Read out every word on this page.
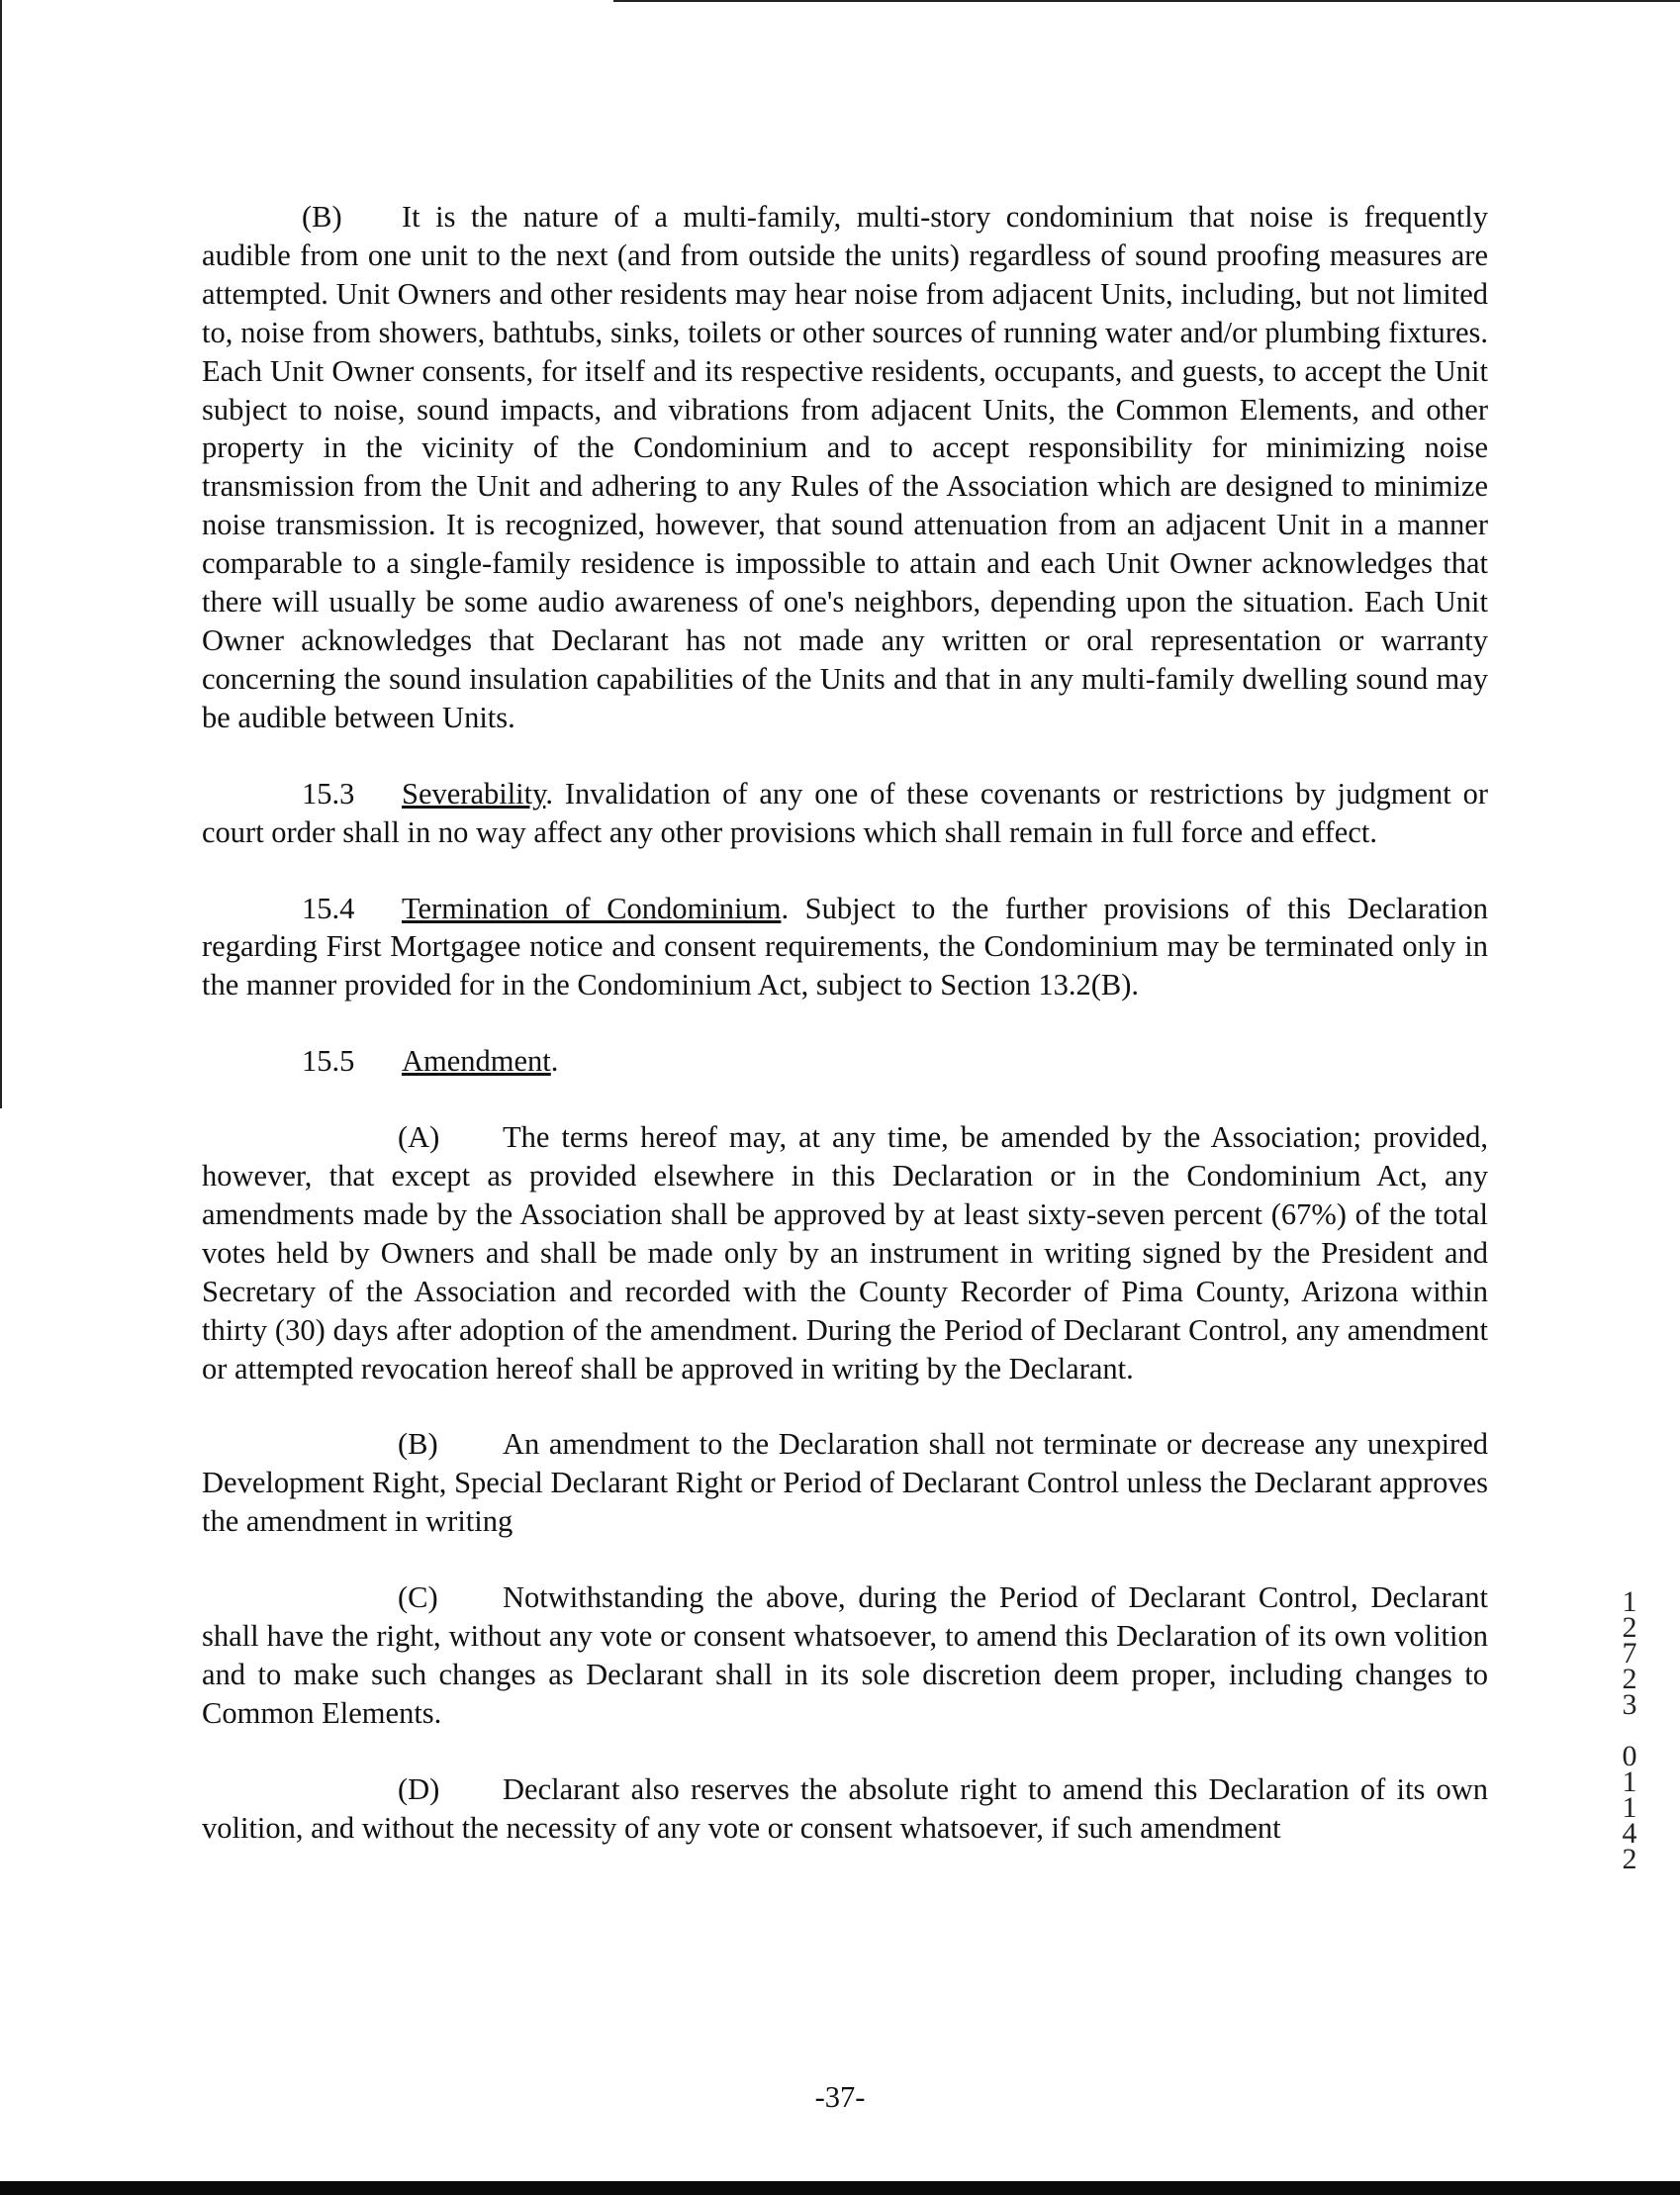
(B) It is the nature of a multi-family, multi-story condominium that noise is frequently audible from one unit to the next (and from outside the units) regardless of sound proofing measures are attempted. Unit Owners and other residents may hear noise from adjacent Units, including, but not limited to, noise from showers, bathtubs, sinks, toilets or other sources of running water and/or plumbing fixtures. Each Unit Owner consents, for itself and its respective residents, occupants, and guests, to accept the Unit subject to noise, sound impacts, and vibrations from adjacent Units, the Common Elements, and other property in the vicinity of the Condominium and to accept responsibility for minimizing noise transmission from the Unit and adhering to any Rules of the Association which are designed to minimize noise transmission. It is recognized, however, that sound attenuation from an adjacent Unit in a manner comparable to a single-family residence is impossible to attain and each Unit Owner acknowledges that there will usually be some audio awareness of one's neighbors, depending upon the situation. Each Unit Owner acknowledges that Declarant has not made any written or oral representation or warranty concerning the sound insulation capabilities of the Units and that in any multi-family dwelling sound may be audible between Units.

15.3 Severability. Invalidation of any one of these covenants or restrictions by judgment or court order shall in no way affect any other provisions which shall remain in full force and effect.

15.4 Termination of Condominium. Subject to the further provisions of this Declaration regarding First Mortgagee notice and consent requirements, the Condominium may be terminated only in the manner provided for in the Condominium Act, subject to Section 13.2(B).

15.5 Amendment.

(A) The terms hereof may, at any time, be amended by the Association; provided, however, that except as provided elsewhere in this Declaration or in the Condominium Act, any amendments made by the Association shall be approved by at least sixty-seven percent (67%) of the total votes held by Owners and shall be made only by an instrument in writing signed by the President and Secretary of the Association and recorded with the County Recorder of Pima County, Arizona within thirty (30) days after adoption of the amendment. During the Period of Declarant Control, any amendment or attempted revocation hereof shall be approved in writing by the Declarant.

(B) An amendment to the Declaration shall not terminate or decrease any unexpired Development Right, Special Declarant Right or Period of Declarant Control unless the Declarant approves the amendment in writing

(C) Notwithstanding the above, during the Period of Declarant Control, Declarant shall have the right, without any vote or consent whatsoever, to amend this Declaration of its own volition and to make such changes as Declarant shall in its sole discretion deem proper, including changes to Common Elements.

(D) Declarant also reserves the absolute right to amend this Declaration of its own volition, and without the necessity of any vote or consent whatsoever, if such amendment

1
2
7
2
3
0
1
1
4
2
-37-
